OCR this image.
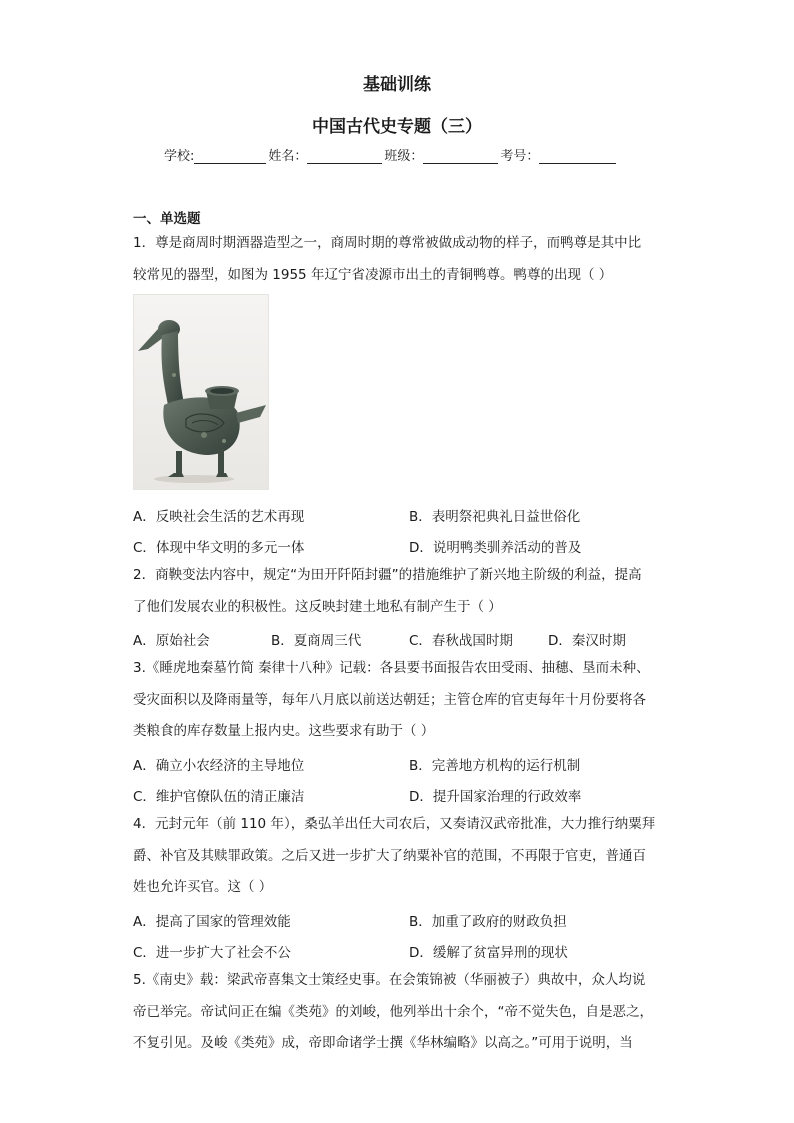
基础训练
中国古代史专题（三）
学校:	姓名：	班级：	考号：
一、单选题
1．尊是商周时期酒器造型之一，商周时期的尊常被做成动物的样子，而鸭尊是其中比
较常见的器型，如图为 1955 年辽宁省凌源市出土的青铜鸭尊。鸭尊的出现（ ）
A．反映社会生活的艺术再现	B．表明祭祀典礼日益世俗化
C．体现中华文明的多元一体	D．说明鸭类驯养活动的普及
2．商鞅变法内容中，规定“为田开阡陌封疆”的措施维护了新兴地主阶级的利益，提高
了他们发展农业的积极性。这反映封建土地私有制产生于（ ）
A．原始社会	B．夏商周三代	C．春秋战国时期	D．秦汉时期
3.《睡虎地秦墓竹简 秦律十八种》记载：各县要书面报告农田受雨、抽穗、垦而未种、
受灾面积以及降雨量等，每年八月底以前送达朝廷；主管仓库的官吏每年十月份要将各
类粮食的库存数量上报内史。这些要求有助于（ ）
A．确立小农经济的主导地位	B．完善地方机构的运行机制
C．维护官僚队伍的清正廉洁	D．提升国家治理的行政效率
4．元封元年（前 110 年），桑弘羊出任大司农后，又奏请汉武帝批准，大力推行纳粟拜
爵、补官及其赎罪政策。之后又进一步扩大了纳粟补官的范围，不再限于官吏，普通百
姓也允许买官。这（ ）
A．提高了国家的管理效能	B．加重了政府的财政负担
C．进一步扩大了社会不公	D．缓解了贫富异刑的现状
5.《南史》载：梁武帝喜集文士策经史事。在会策锦被（华丽被子）典故中，众人均说
帝已举完。帝试问正在编《类苑》的刘峻，他列举出十余个，“帝不觉失色，自是恶之，
不复引见。及峻《类苑》成，帝即命诸学士撰《华林编略》以高之。”可用于说明，当
